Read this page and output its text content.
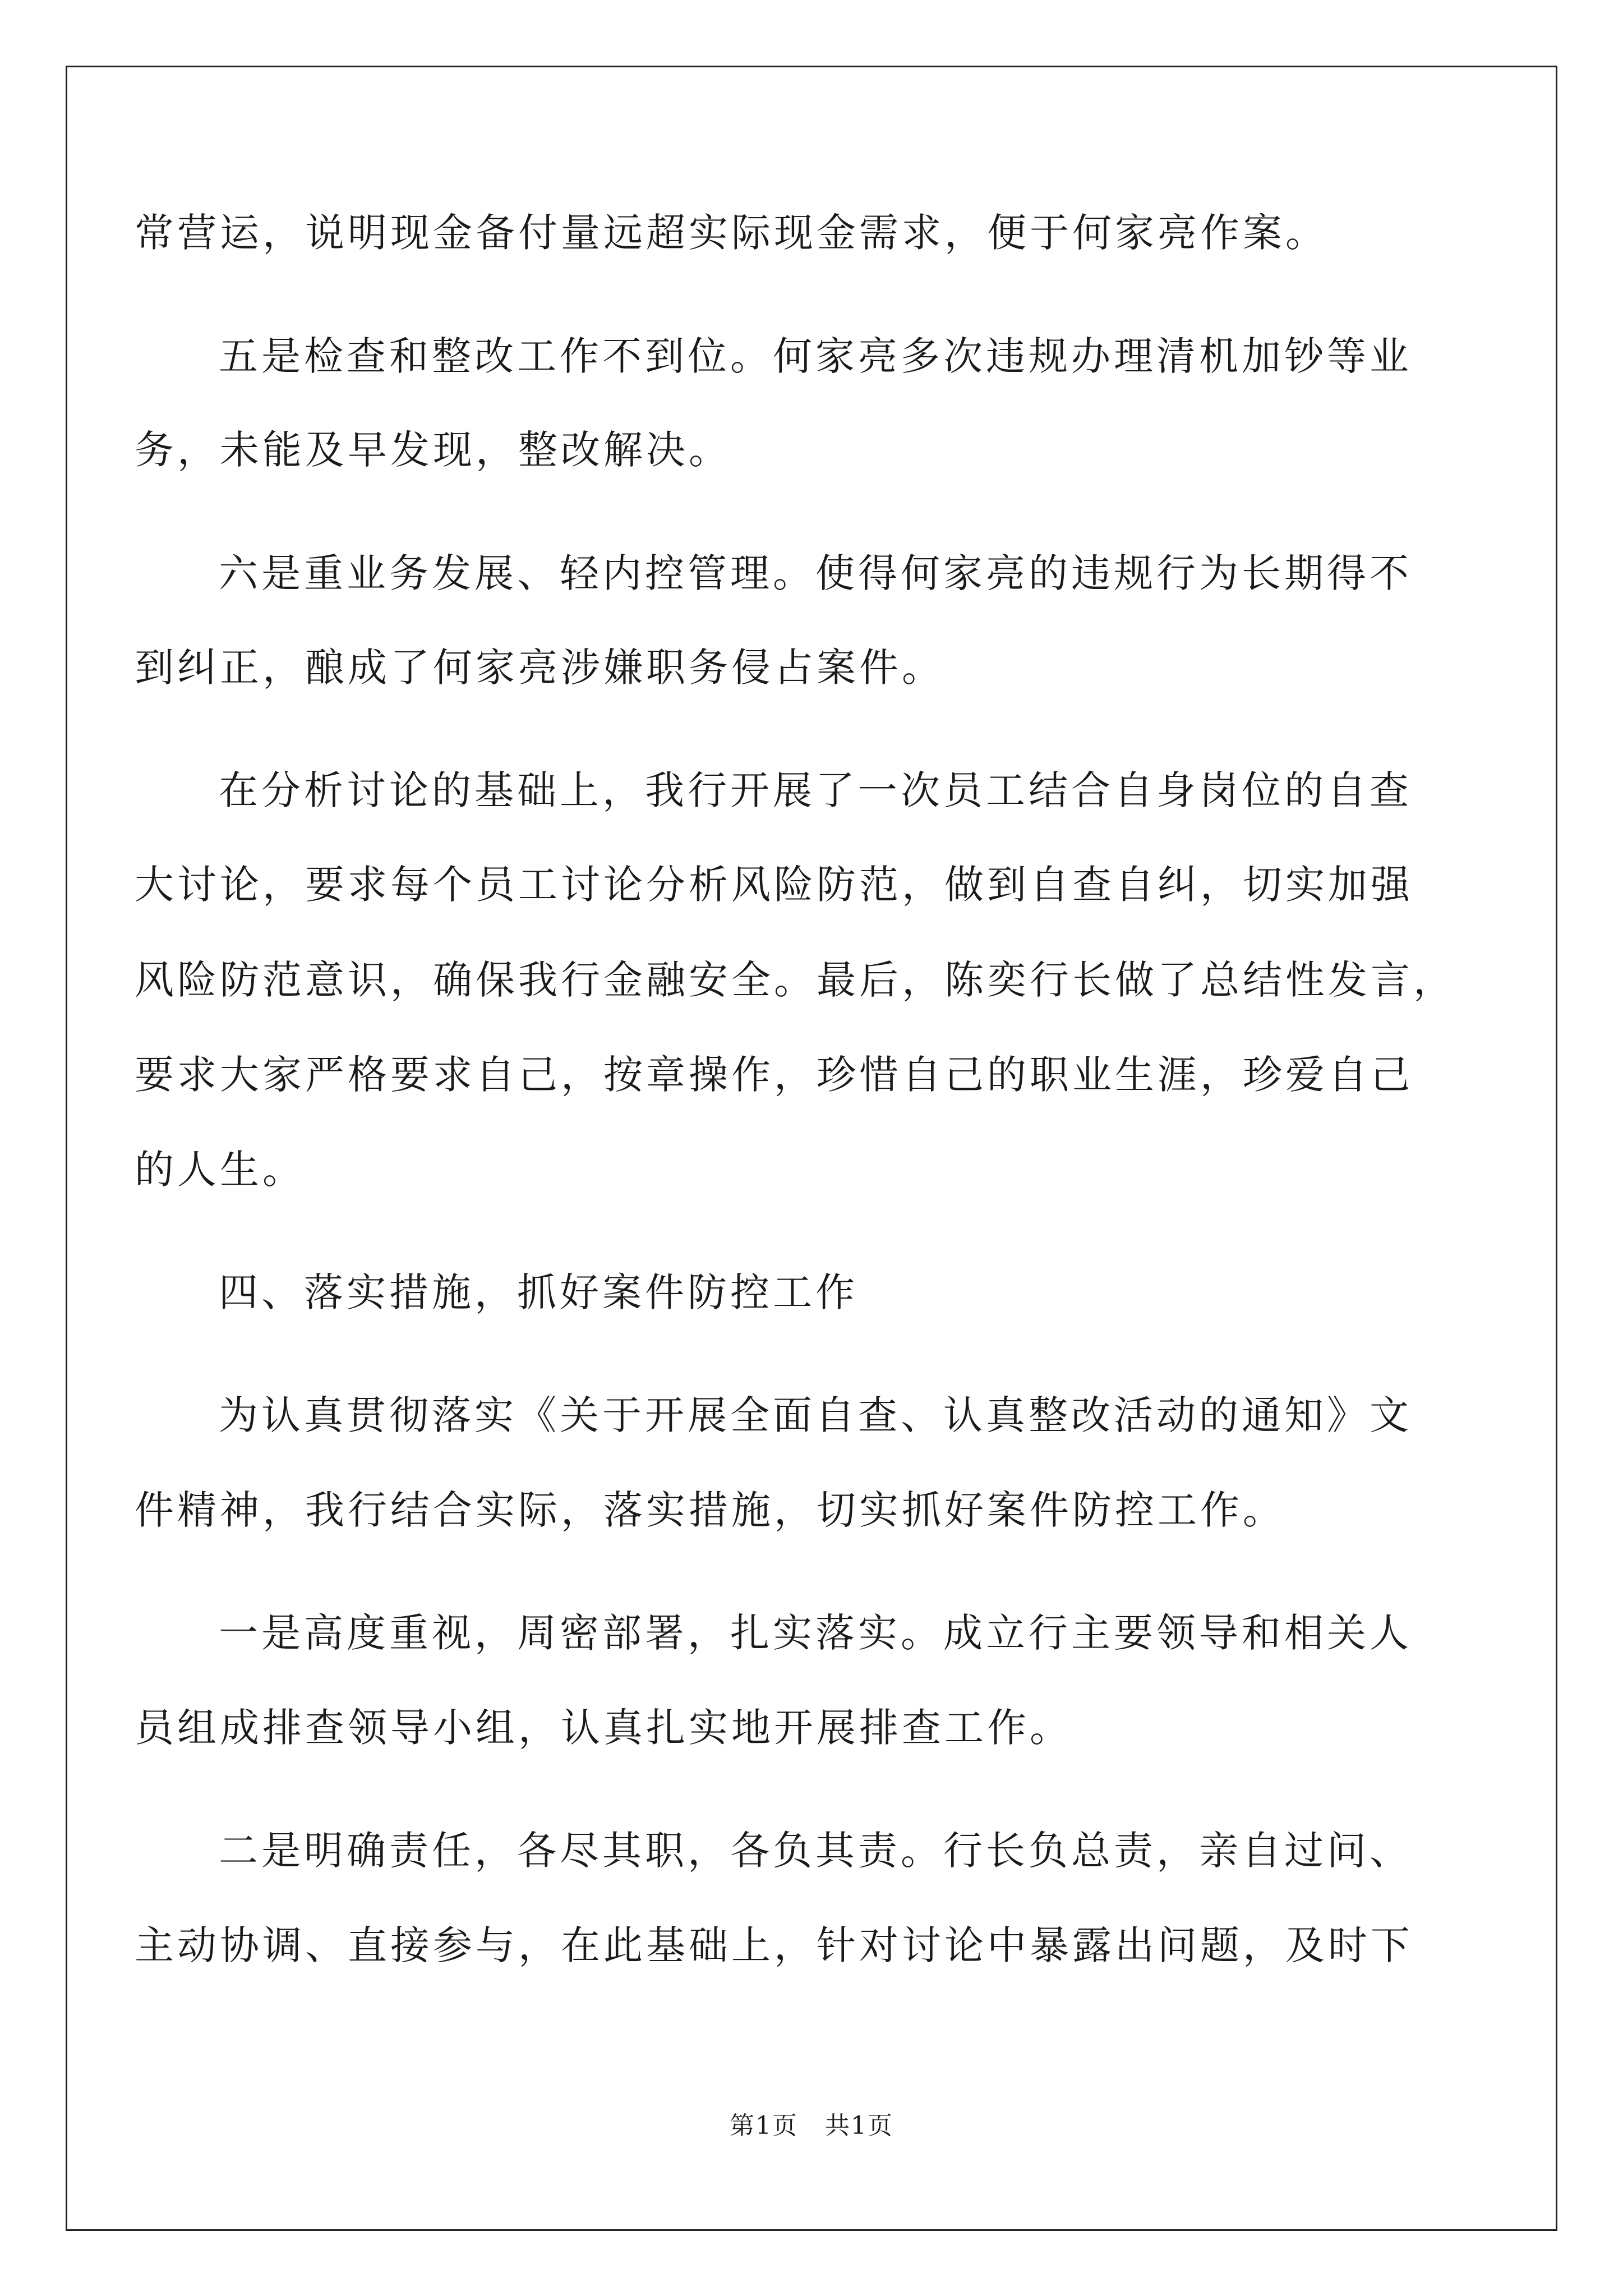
常营运，说明现金备付量远超实际现金需求，便于何家亮作案。
五是检查和整改工作不到位。何家亮多次违规办理清机加钞等业
务，未能及早发现，整改解决。
六是重业务发展、轻内控管理。使得何家亮的违规行为长期得不
到纠正，酿成了何家亮涉嫌职务侵占案件。
在分析讨论的基础上，我行开展了一次员工结合自身岗位的自查
大讨论，要求每个员工讨论分析风险防范，做到自查自纠，切实加强
风险防范意识，确保我行金融安全。最后，陈奕行长做了总结性发言，
要求大家严格要求自己，按章操作，珍惜自己的职业生涯，珍爱自己
的人生。
四、落实措施，抓好案件防控工作
为认真贯彻落实《关于开展全面自查、认真整改活动的通知》文
件精神，我行结合实际，落实措施，切实抓好案件防控工作。
一是高度重视，周密部署，扎实落实。成立行主要领导和相关人
员组成排查领导小组，认真扎实地开展排查工作。
二是明确责任，各尽其职，各负其责。行长负总责，亲自过问、
主动协调、直接参与，在此基础上，针对讨论中暴露出问题，及时下
第1页 共1页
